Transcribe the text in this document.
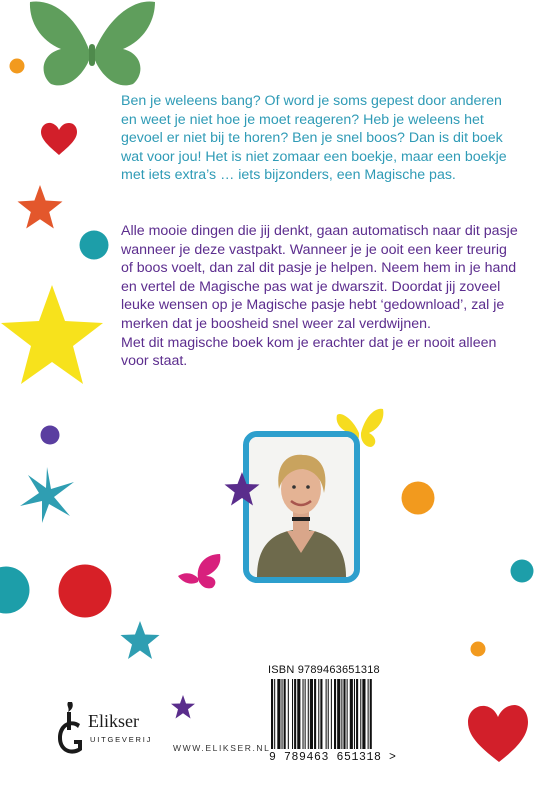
Ben je weleens bang? Of word je soms gepest door anderen en weet je niet hoe je moet reageren? Heb je weleens het gevoel er niet bij te horen? Ben je snel boos? Dan is dit boek wat voor jou! Het is niet zomaar een boekje, maar een boekje met iets extra’s … iets bijzonders, een Magische pas.

Alle mooie dingen die jij denkt, gaan automatisch naar dit pasje wanneer je deze vastpakt. Wanneer je je ooit een keer treurig of boos voelt, dan zal dit pasje je helpen. Neem hem in je hand en vertel de Magische pas wat je dwarszit. Doordat jij zoveel leuke wensen op je Magische pasje hebt ‘gedownload’, zal je merken dat je boosheid snel weer zal verdwijnen.

Met dit magische boek kom je erachter dat je er nooit alleen voor staat.

ISBN 9789463651318
9 789463 651318 >
Elikser
UITGEVERIJ
WWW.ELIKSER.NL
